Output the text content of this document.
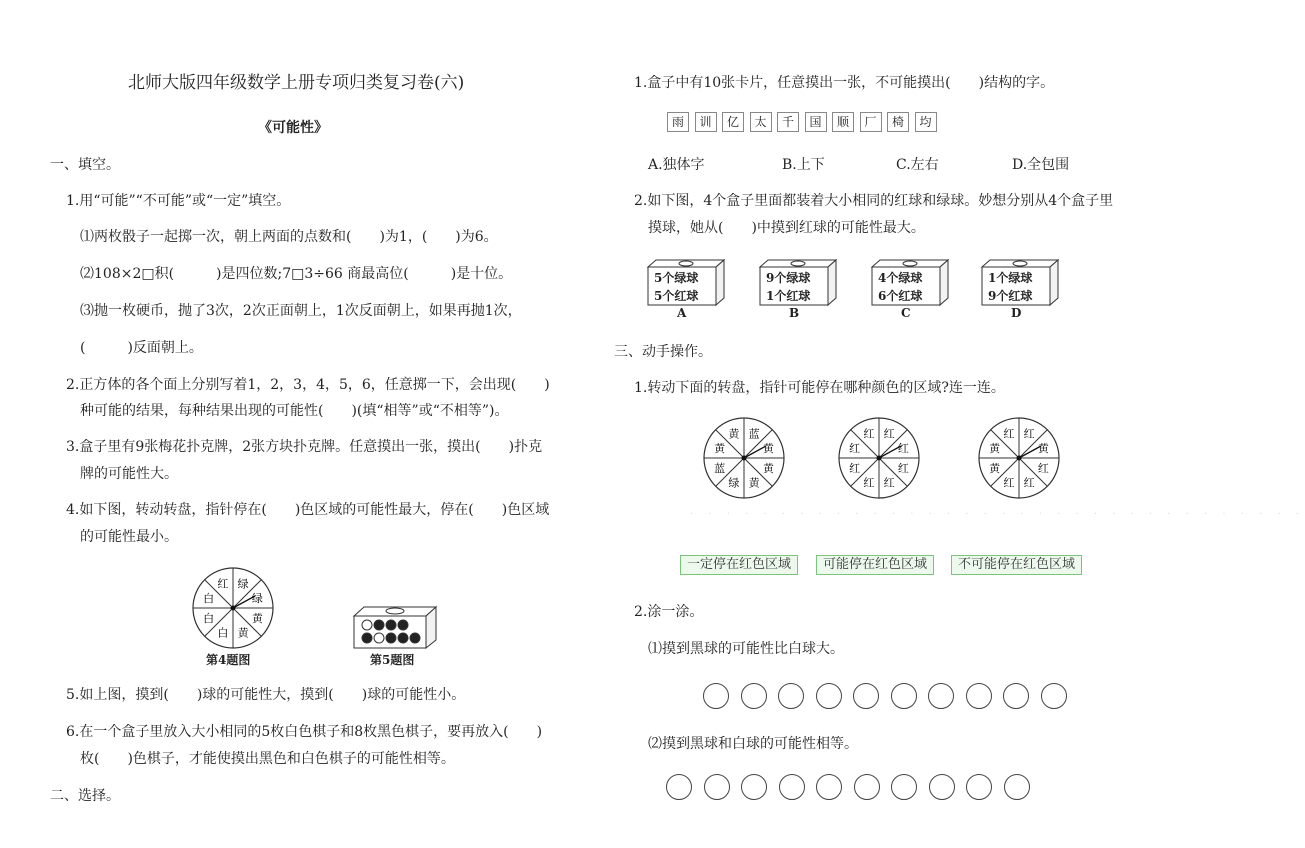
北师大版四年级数学上册专项归类复习卷(六)
《可能性》
一、填空。
1.用“可能”“不可能”或“一定”填空。
⑴两枚骰子一起掷一次，朝上两面的点数和(　　)为1，(　　)为6。
⑵108×2□积(　　　)是四位数;7□3÷66 商最高位(　　　)是十位。
⑶抛一枚硬币，抛了3次，2次正面朝上，1次反面朝上，如果再抛1次，
(　　　)反面朝上。
2.正方体的各个面上分别写着1，2，3，4，5，6，任意掷一下，会出现(　　)
种可能的结果，每种结果出现的可能性(　　)(填“相等”或“不相等”)。
3.盒子里有9张梅花扑克牌，2张方块扑克牌。任意摸出一张，摸出(　　)扑克
牌的可能性大。
4.如下图，转动转盘，指针停在(　　)色区域的可能性最大，停在(　　)色区域
的可能性最小。
绿
绿
黄
黄
白
白
白
红
第4题图	第5题图
5.如上图，摸到(　　)球的可能性大，摸到(　　)球的可能性小。
6.在一个盒子里放入大小相同的5枚白色棋子和8枚黑色棋子，要再放入(　　)
枚(　　)色棋子，才能使摸出黑色和白色棋子的可能性相等。
二、选择。
1.盒子中有10张卡片，任意摸出一张，不可能摸出(　　)结构的字。
雨	训	亿	太	千	国	顺	厂	椅	均
A.独体字	B.上下	C.左右	D.全包围
2.如下图，4个盒子里面都装着大小相同的红球和绿球。妙想分别从4个盒子里
摸球，她从(　　)中摸到红球的可能性最大。
5个绿球
5个红球
A
9个绿球
1个红球
B
4个绿球
6个红球
C
1个绿球
9个红球
D
三、动手操作。
1.转动下面的转盘，指针可能停在哪种颜色的区域?连一连。
蓝
黄
黄
黄
绿
蓝
黄
黄	红
红
红
红
红
红
红
红	红
黄
红
红
红
黄
黄
红
· · · · · · · · · · · · · · · · · · · · · · · · · · · · · · · · · ·
一定停在红色区域	可能停在红色区域	不可能停在红色区域
2.涂一涂。
⑴摸到黑球的可能性比白球大。
⑵摸到黑球和白球的可能性相等。
